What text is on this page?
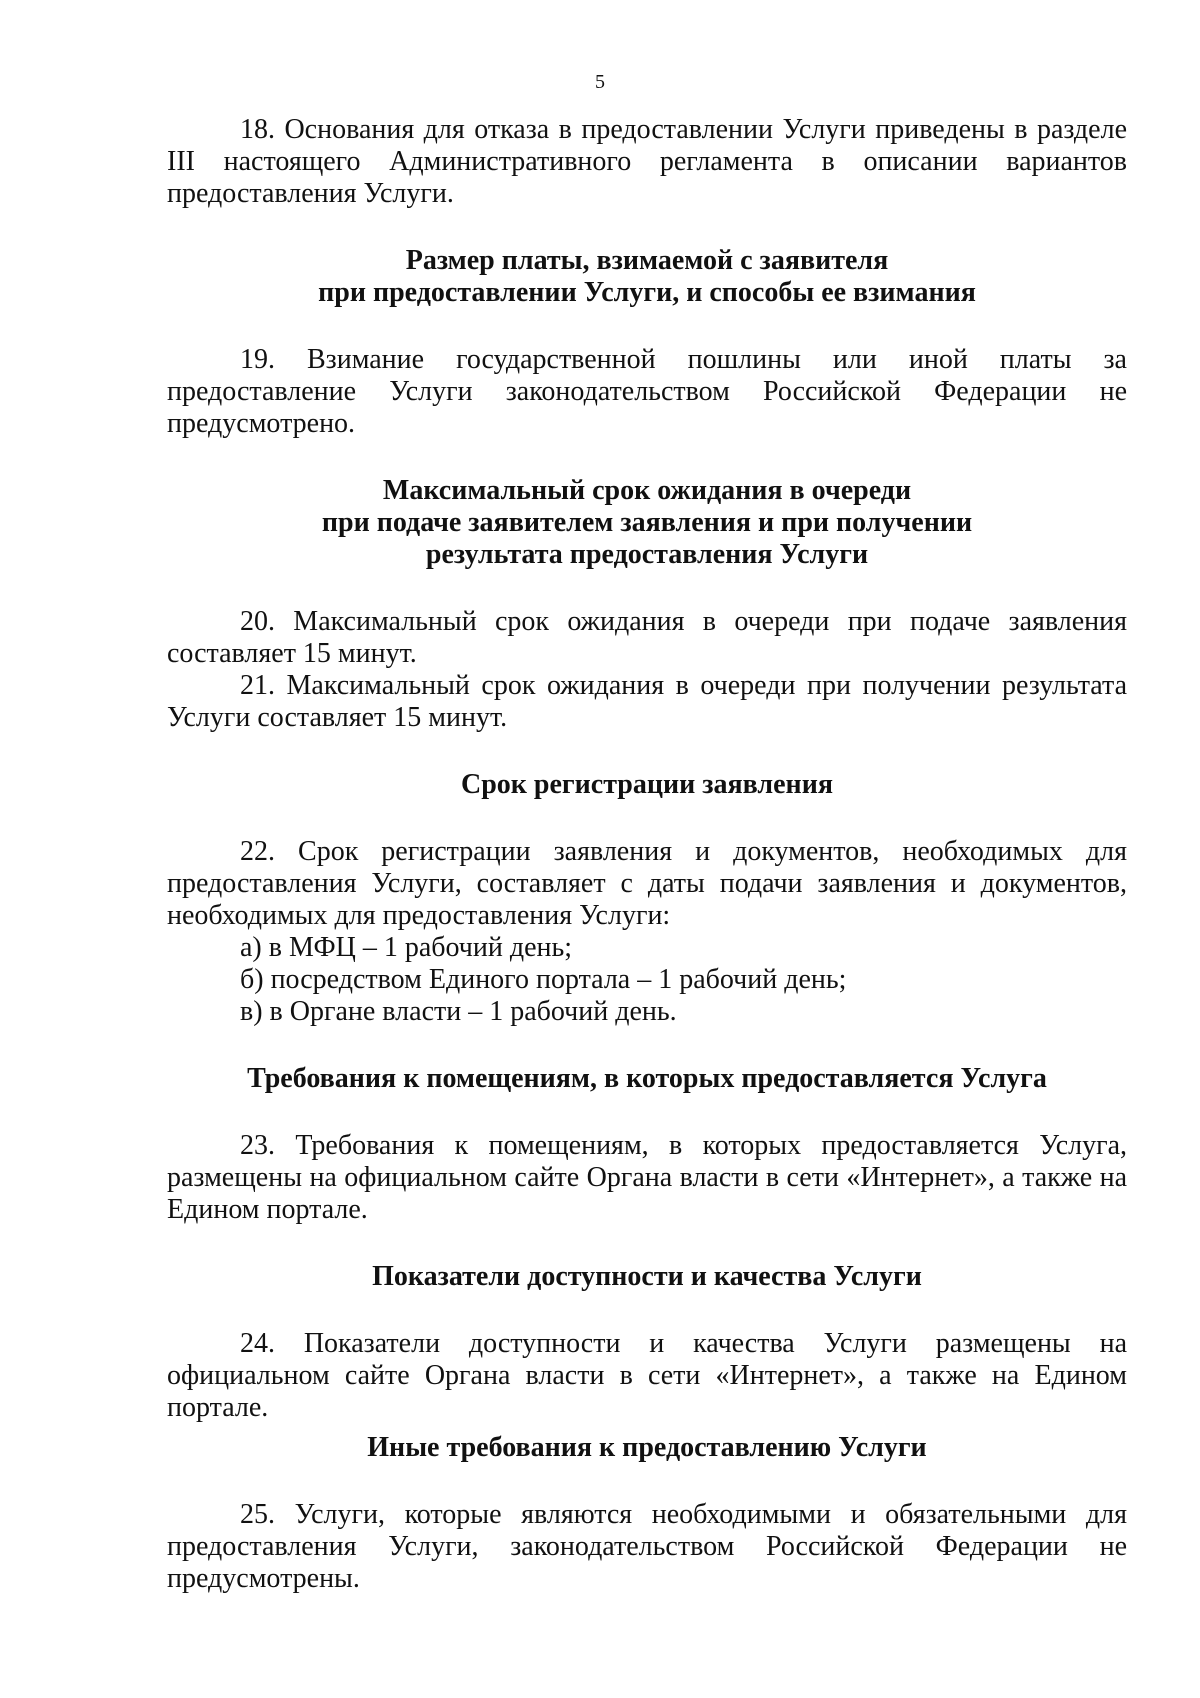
5

18. Основания для отказа в предоставлении Услуги приведены в разделе III настоящего Административного регламента в описании вариантов предоставления Услуги.

Размер платы, взимаемой с заявителя

при предоставлении Услуги, и способы ее взимания

19. Взимание государственной пошлины или иной платы за предоставление Услуги законодательством Российской Федерации не предусмотрено.

Максимальный срок ожидания в очереди

при подаче заявителем заявления и при получении

результата предоставления Услуги

20. Максимальный срок ожидания в очереди при подаче заявления составляет 15 минут.

21. Максимальный срок ожидания в очереди при получении результата Услуги составляет 15 минут.

Срок регистрации заявления

22. Срок регистрации заявления и документов, необходимых для предоставления Услуги, составляет с даты подачи заявления и документов, необходимых для предоставления Услуги:

а) в МФЦ – 1 рабочий день;

б) посредством Единого портала – 1 рабочий день;

в) в Органе власти – 1 рабочий день.

Требования к помещениям, в которых предоставляется Услуга

23. Требования к помещениям, в которых предоставляется Услуга, размещены на официальном сайте Органа власти в сети «Интернет», а также на Едином портале.

Показатели доступности и качества Услуги

24. Показатели доступности и качества Услуги размещены на официальном сайте Органа власти в сети «Интернет», а также на Едином портале.

Иные требования к предоставлению Услуги

25. Услуги, которые являются необходимыми и обязательными для предоставления Услуги, законодательством Российской Федерации не предусмотрены.
